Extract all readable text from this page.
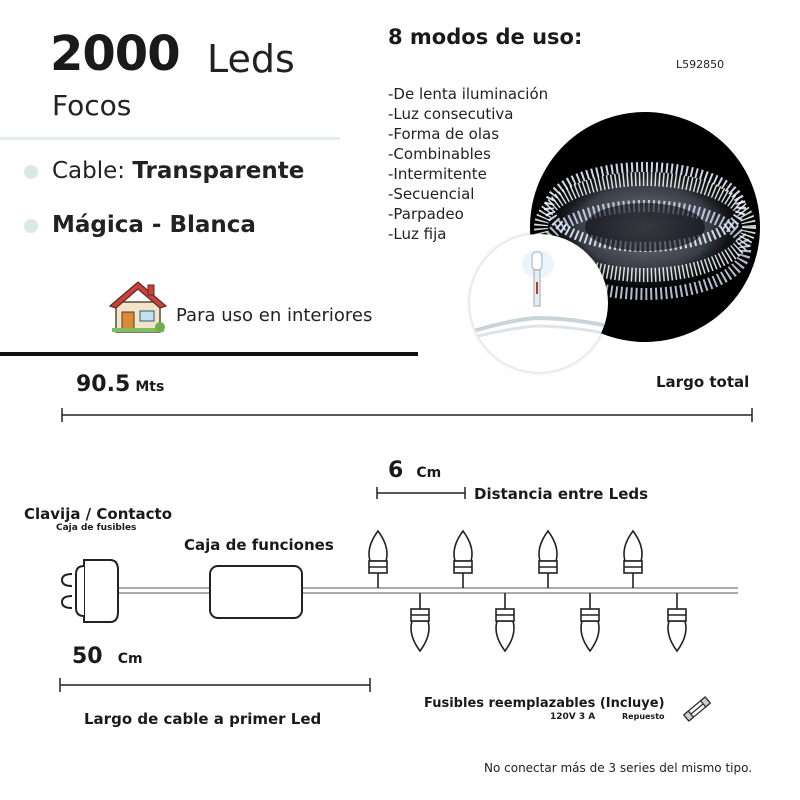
2000 Leds
Focos
Cable: Transparente
Mágica - Blanca
Para uso en interiores
8 modos de uso:
L592850
-De lenta iluminación
-Luz consecutiva
-Forma de olas
-Combinables
-Intermitente
-Secuencial
-Parpadeo
-Luz fija
90.5 Mts	Largo total
6 Cm
Distancia entre Leds
Clavija / Contacto
Caja de fusibles
Caja de funciones
50 Cm
Largo de cable a primer Led
Fusibles reemplazables (Incluye)
120V 3 A	Repuesto
No conectar más de 3 series del mismo tipo.
